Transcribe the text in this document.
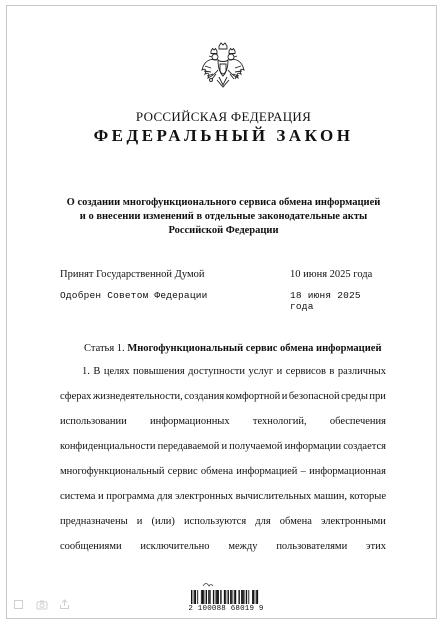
РОССИЙСКАЯ ФЕДЕРАЦИЯ
ФЕДЕРАЛЬНЫЙ ЗАКОН
О создании многофункционального сервиса обмена информацией
и о внесении изменений в отдельные законодательные акты
Российской Федерации
Принят Государственной Думой	10 июня 2025 года
Одобрен Советом Федерации	18 июня 2025 года
Статья 1. Многофункциональный сервис обмена информацией
1. В целях повышения доступности услуг и сервисов в различных
сферах жизнедеятельности, создания комфортной и безопасной среды при
использовании информационных технологий, обеспечения
конфиденциальности передаваемой и получаемой информации создается
многофункциональный сервис обмена информацией – информационная
система и программа для электронных вычислительных машин, которые
предназначены и (или) используются для обмена электронными
сообщениями исключительно между пользователями этих
2 100088 68019 9
